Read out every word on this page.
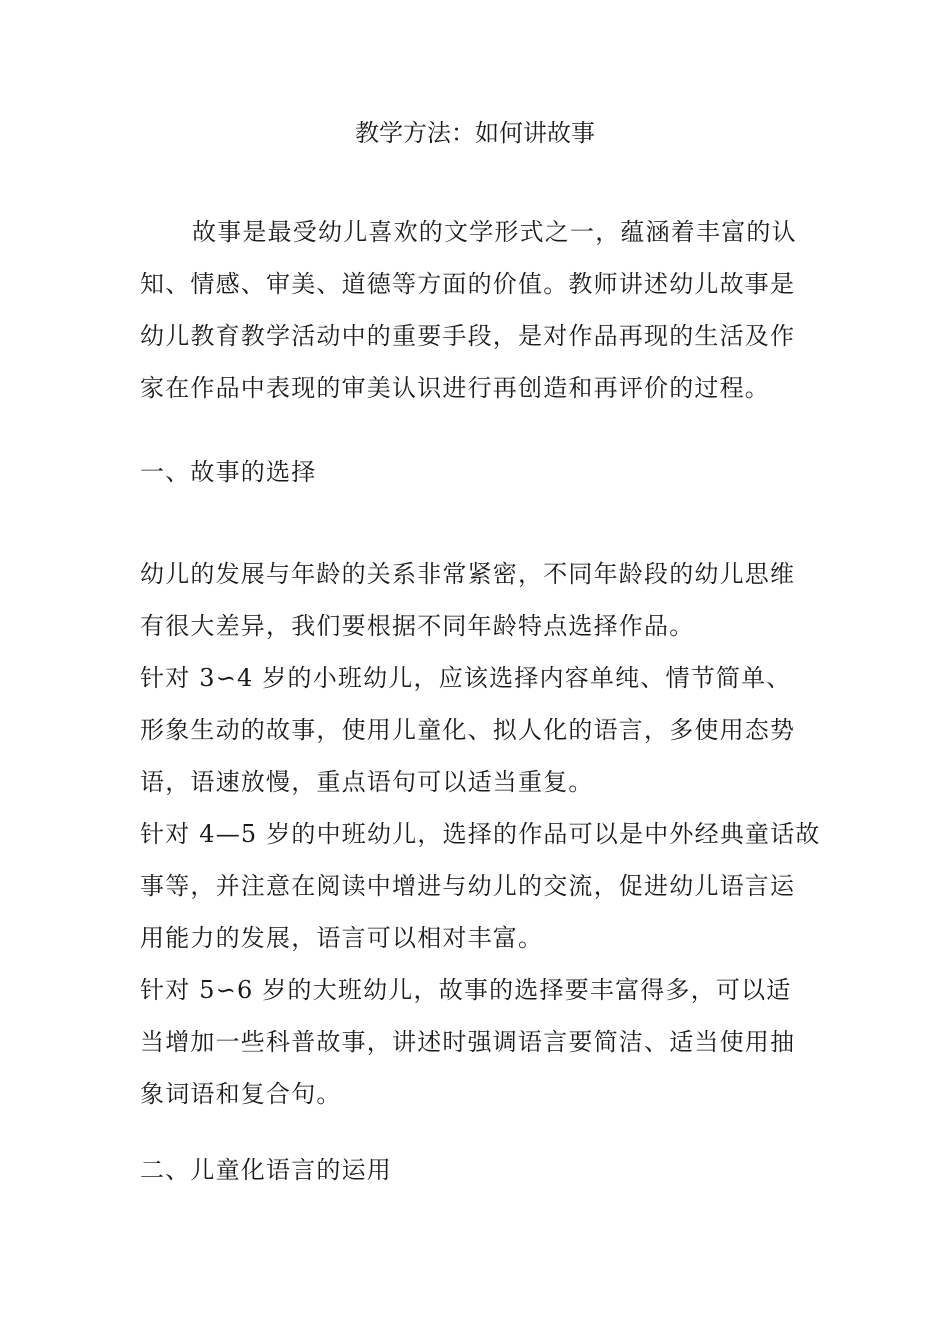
教学方法：如何讲故事
故事是最受幼儿喜欢的文学形式之一，蕴涵着丰富的认
知、情感、审美、道德等方面的价值。教师讲述幼儿故事是
幼儿教育教学活动中的重要手段，是对作品再现的生活及作
家在作品中表现的审美认识进行再创造和再评价的过程。
一、故事的选择
幼儿的发展与年龄的关系非常紧密，不同年龄段的幼儿思维
有很大差异，我们要根据不同年龄特点选择作品。
针对 3∽4 岁的小班幼儿，应该选择内容单纯、情节简单、
形象生动的故事，使用儿童化、拟人化的语言，多使用态势
语，语速放慢，重点语句可以适当重复。
针对 4—5 岁的中班幼儿，选择的作品可以是中外经典童话故
事等，并注意在阅读中增进与幼儿的交流，促进幼儿语言运
用能力的发展，语言可以相对丰富。
针对 5∽6 岁的大班幼儿，故事的选择要丰富得多，可以适
当增加一些科普故事，讲述时强调语言要简洁、适当使用抽
象词语和复合句。
二、儿童化语言的运用
